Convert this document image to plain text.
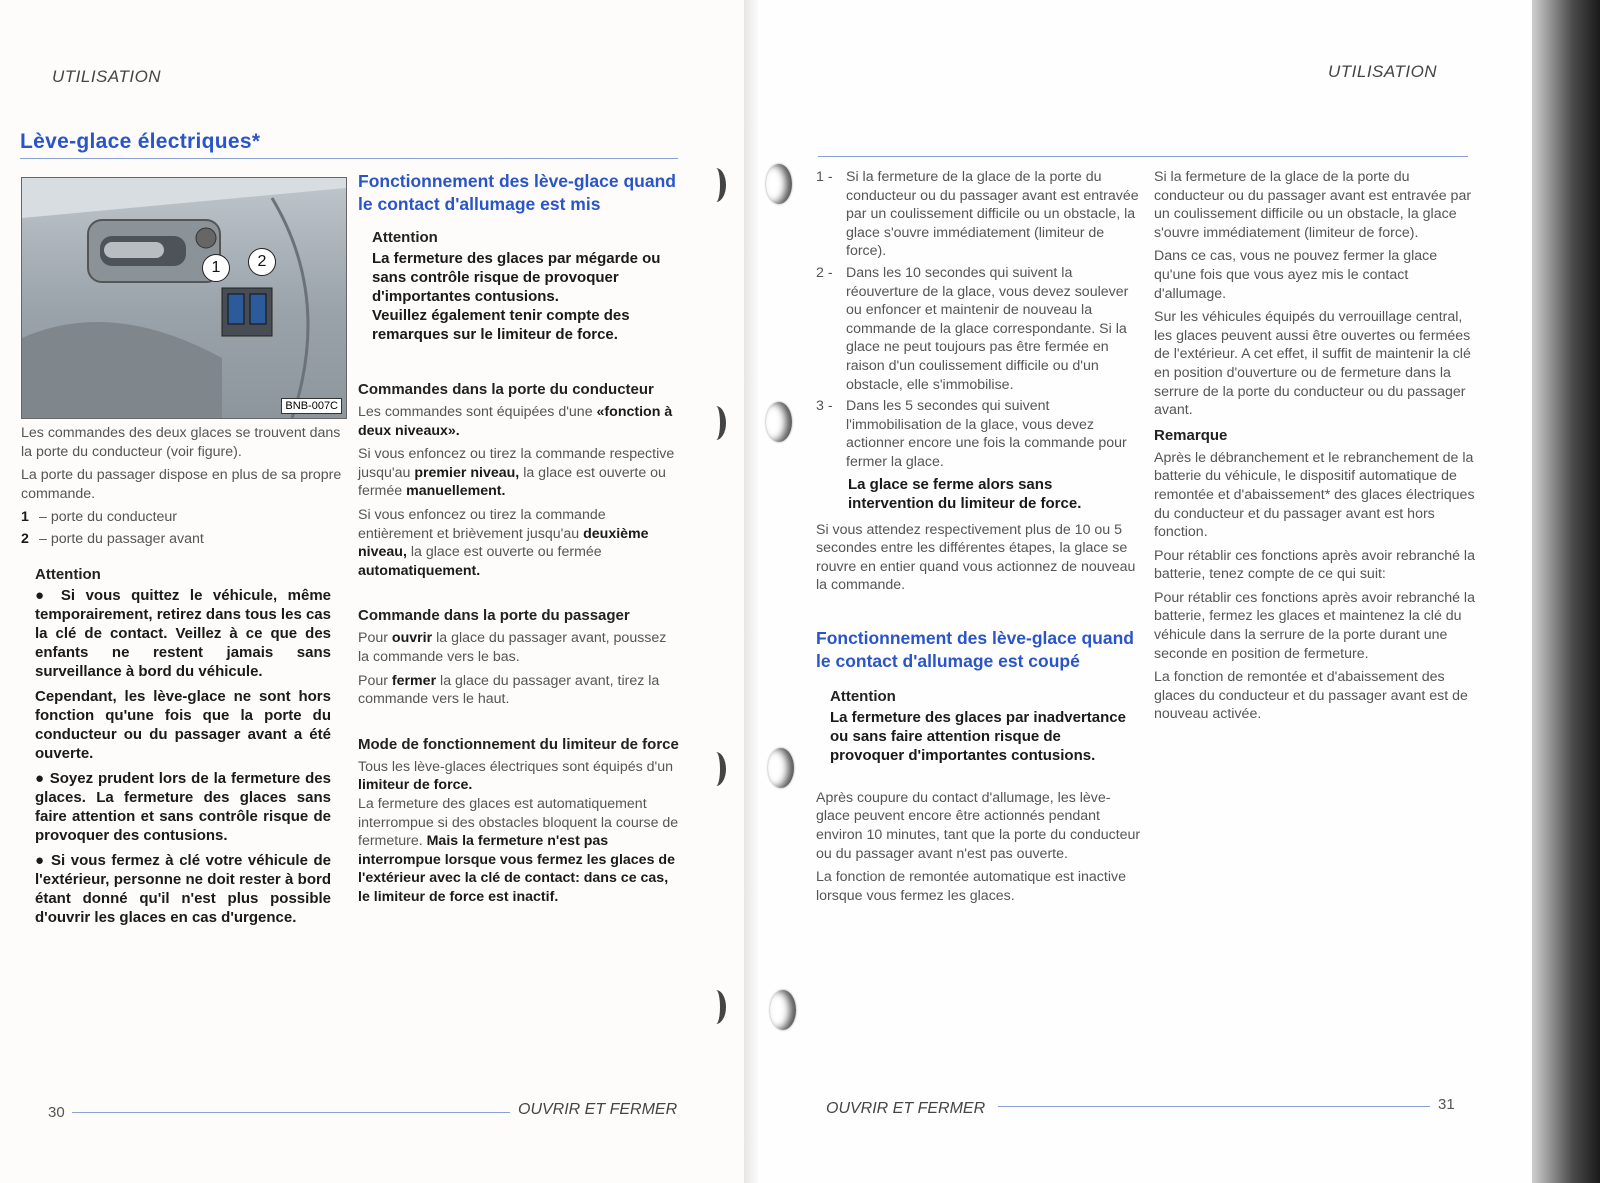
UTILISATION
Lève-glace électriques*
1	2
BNB-007C

Les commandes des deux glaces se trouvent dans la porte du conducteur (voir figure).

La porte du passager dispose en plus de sa propre commande.

1 – porte du conducteur
2 – porte du passager avant
Attention

● Si vous quittez le véhicule, même temporairement, retirez dans tous les cas la clé de contact. Veillez à ce que des enfants ne restent jamais sans surveillance à bord du véhicule.

Cependant, les lève-glace ne sont hors fonction qu'une fois que la porte du conducteur ou du passager avant a été ouverte.

● Soyez prudent lors de la fermeture des glaces. La fermeture des glaces sans faire attention et sans contrôle risque de provoquer des contusions.

● Si vous fermez à clé votre véhicule de l'extérieur, personne ne doit rester à bord étant donné qu'il n'est plus possible d'ouvrir les glaces en cas d'urgence.

Fonctionnement des lève-glace quand le contact d'allumage est mis
Attention

La fermeture des glaces par mégarde ou sans contrôle risque de provoquer d'importantes contusions.

Veuillez également tenir compte des remarques sur le limiteur de force.

Commandes dans la porte du conducteur

Les commandes sont équipées d'une «fonction à deux niveaux».

Si vous enfoncez ou tirez la commande respective jusqu'au premier niveau, la glace est ouverte ou fermée manuellement.

Si vous enfoncez ou tirez la commande entièrement et brièvement jusqu'au deuxième niveau, la glace est ouverte ou fermée automatiquement.

Commande dans la porte du passager

Pour ouvrir la glace du passager avant, poussez la commande vers le bas.

Pour fermer la glace du passager avant, tirez la commande vers le haut.

Mode de fonctionnement du limiteur de force

Tous les lève-glaces électriques sont équipés d'un limiteur de force.

La fermeture des glaces est automatiquement interrompue si des obstacles bloquent la course de fermeture. Mais la fermeture n'est pas interrompue lorsque vous fermez les glaces de l'extérieur avec la clé de contact: dans ce cas, le limiteur de force est inactif.

30	OUVRIR ET FERMER
UTILISATION
1 - Si la fermeture de la glace de la porte du conducteur ou du passager avant est entravée par un coulissement difficile ou un obstacle, la glace s'ouvre immédiatement (limiteur de force).
2 - Dans les 10 secondes qui suivent la réouverture de la glace, vous devez soulever ou enfoncer et maintenir de nouveau la commande de la glace correspondante. Si la glace ne peut toujours pas être fermée en raison d'un coulissement difficile ou d'un obstacle, elle s'immobilise.
3 - Dans les 5 secondes qui suivent l'immobilisation de la glace, vous devez actionner encore une fois la commande pour fermer la glace.

La glace se ferme alors sans intervention du limiteur de force.

Si vous attendez respectivement plus de 10 ou 5 secondes entre les différentes étapes, la glace se rouvre en entier quand vous actionnez de nouveau la commande.

Fonctionnement des lève-glace quand le contact d'allumage est coupé
Attention

La fermeture des glaces par inadvertance ou sans faire attention risque de provoquer d'importantes contusions.

Après coupure du contact d'allumage, les lève-glace peuvent encore être actionnés pendant environ 10 minutes, tant que la porte du conducteur ou du passager avant n'est pas ouverte.

La fonction de remontée automatique est inactive lorsque vous fermez les glaces.

Si la fermeture de la glace de la porte du conducteur ou du passager avant est entravée par un coulissement difficile ou un obstacle, la glace s'ouvre immédiatement (limiteur de force).

Dans ce cas, vous ne pouvez fermer la glace qu'une fois que vous ayez mis le contact d'allumage.

Sur les véhicules équipés du verrouillage central, les glaces peuvent aussi être ouvertes ou fermées de l'extérieur. A cet effet, il suffit de maintenir la clé en position d'ouverture ou de fermeture dans la serrure de la porte du conducteur ou du passager avant.

Remarque

Après le débranchement et le rebranchement de la batterie du véhicule, le dispositif automatique de remontée et d'abaissement* des glaces électriques du conducteur et du passager avant est hors fonction.

Pour rétablir ces fonctions après avoir rebranché la batterie, tenez compte de ce qui suit:

Pour rétablir ces fonctions après avoir rebranché la batterie, fermez les glaces et maintenez la clé du véhicule dans la serrure de la porte durant une seconde en position de fermeture.

La fonction de remontée et d'abaissement des glaces du conducteur et du passager avant est de nouveau activée.

OUVRIR ET FERMER	31
